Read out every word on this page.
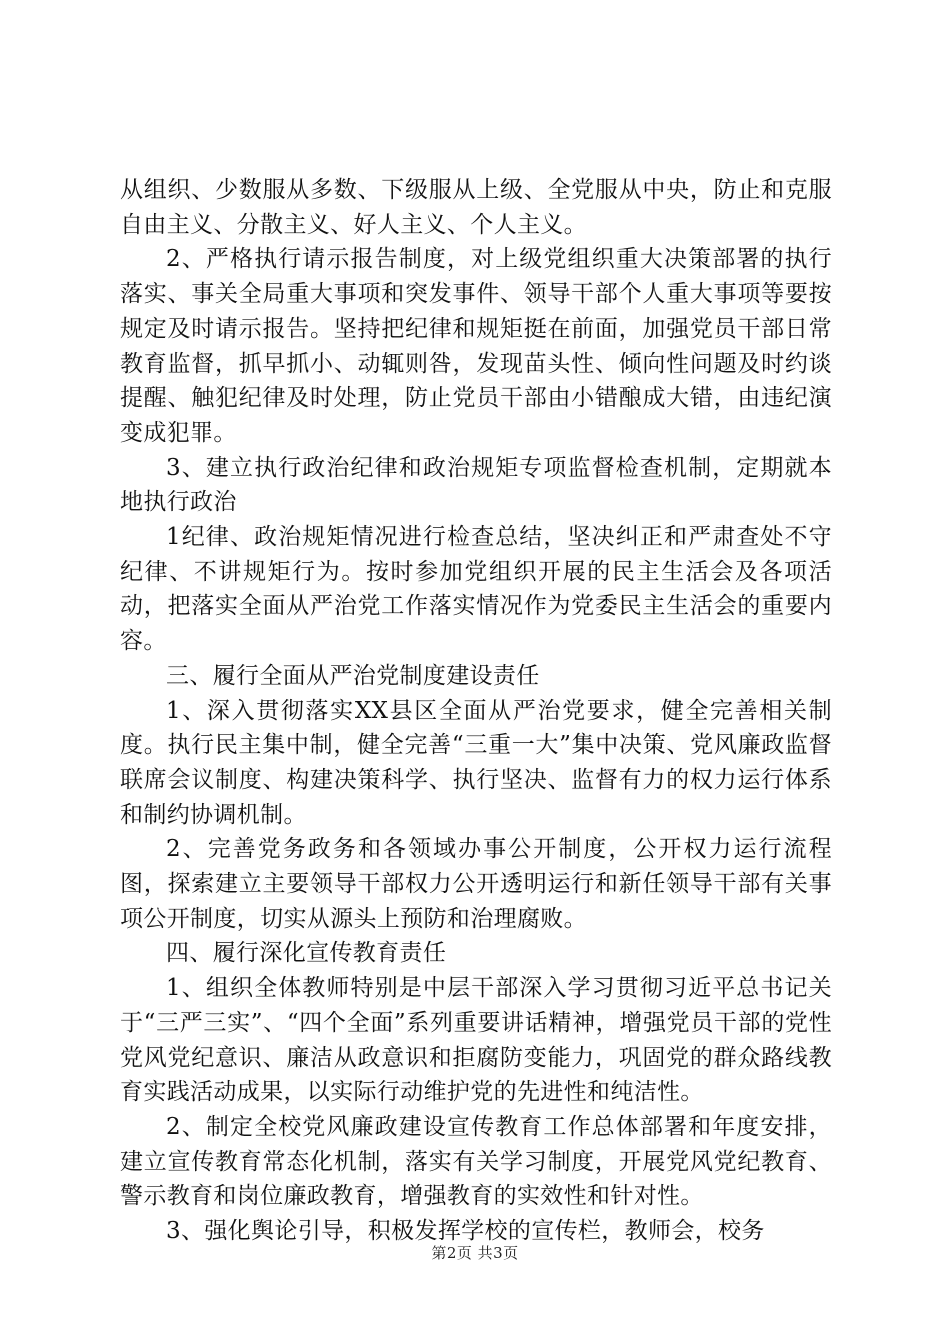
从组织、少数服从多数、下级服从上级、全党服从中央，防止和克服自由主义、分散主义、好人主义、个人主义。

2、严格执行请示报告制度，对上级党组织重大决策部署的执行落实、事关全局重大事项和突发事件、领导干部个人重大事项等要按规定及时请示报告。坚持把纪律和规矩挺在前面，加强党员干部日常教育监督，抓早抓小、动辄则咎，发现苗头性、倾向性问题及时约谈提醒、触犯纪律及时处理，防止党员干部由小错酿成大错，由违纪演变成犯罪。

3、建立执行政治纪律和政治规矩专项监督检查机制，定期就本地执行政治

1纪律、政治规矩情况进行检查总结，坚决纠正和严肃查处不守纪律、不讲规矩行为。按时参加党组织开展的民主生活会及各项活动，把落实全面从严治党工作落实情况作为党委民主生活会的重要内容。

三、履行全面从严治党制度建设责任

1、深入贯彻落实XX县区全面从严治党要求，健全完善相关制度。执行民主集中制，健全完善“三重一大”集中决策、党风廉政监督联席会议制度、构建决策科学、执行坚决、监督有力的权力运行体系和制约协调机制。

2、完善党务政务和各领域办事公开制度，公开权力运行流程图，探索建立主要领导干部权力公开透明运行和新任领导干部有关事项公开制度，切实从源头上预防和治理腐败。

四、履行深化宣传教育责任

1、组织全体教师特别是中层干部深入学习贯彻习近平总书记关于“三严三实”、“四个全面”系列重要讲话精神，增强党员干部的党性党风党纪意识、廉洁从政意识和拒腐防变能力，巩固党的群众路线教育实践活动成果，以实际行动维护党的先进性和纯洁性。

2、制定全校党风廉政建设宣传教育工作总体部署和年度安排，建立宣传教育常态化机制，落实有关学习制度，开展党风党纪教育、警示教育和岗位廉政教育，增强教育的实效性和针对性。

3、强化舆论引导，积极发挥学校的宣传栏，教师会，校务

第2页 共3页
